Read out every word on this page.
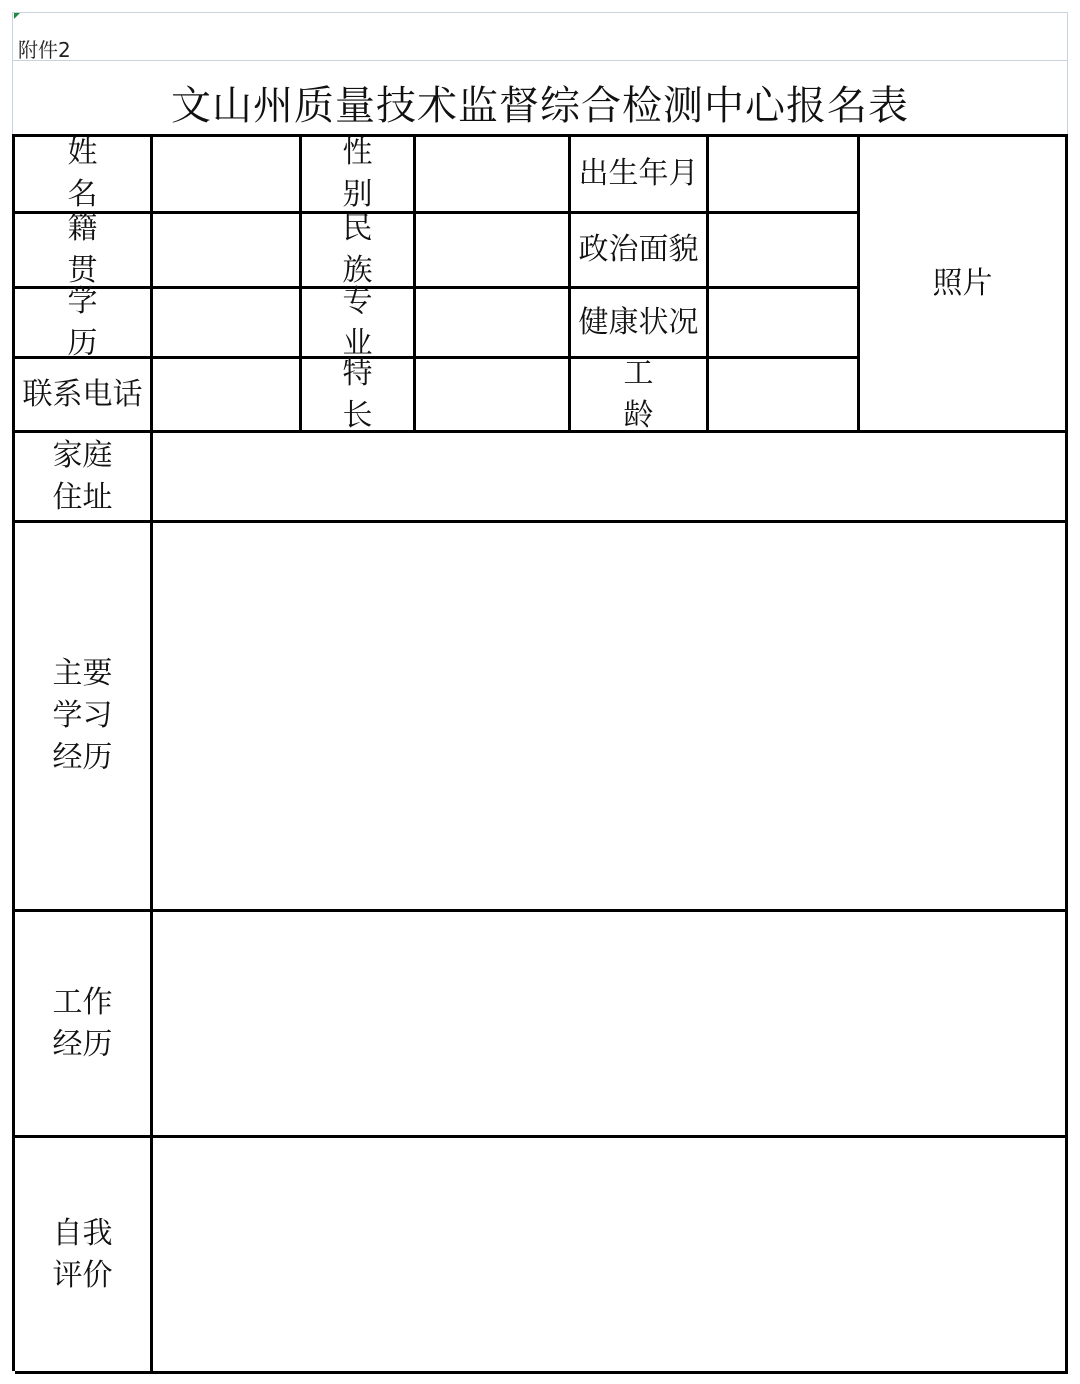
附件2
文山州质量技术监督综合检测中心报名表
姓 名
性 别
出生年月
照片
籍 贯
民 族
政治面貌
学 历
专 业
健康状况
联系电话
特 长
工 龄
家庭
住址
主要
学习
经历
工作
经历
自我
评价
